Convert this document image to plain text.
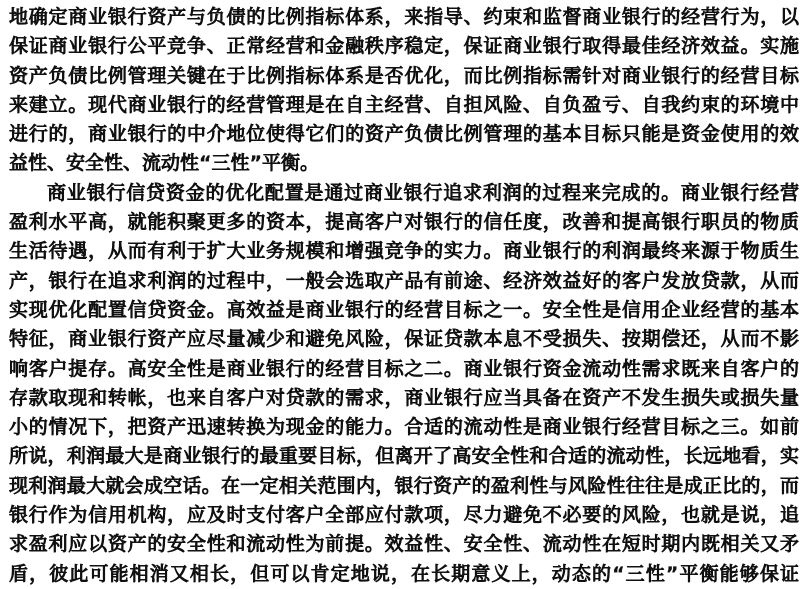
地确定商业银行资产与负债的比例指标体系，来指导、约束和监督商业银行的经营行为，以
保证商业银行公平竞争、正常经营和金融秩序稳定，保证商业银行取得最佳经济效益。实施
资产负债比例管理关键在于比例指标体系是否优化，而比例指标需针对商业银行的经营目标
来建立。现代商业银行的经营管理是在自主经营、自担风险、自负盈亏、自我约束的环境中
进行的，商业银行的中介地位使得它们的资产负债比例管理的基本目标只能是资金使用的效
益性、安全性、流动性“三性”平衡。
商业银行信贷资金的优化配置是通过商业银行追求利润的过程来完成的。商业银行经营
盈利水平高，就能积聚更多的资本，提高客户对银行的信任度，改善和提高银行职员的物质
生活待遇，从而有利于扩大业务规模和增强竞争的实力。商业银行的利润最终来源于物质生
产，银行在追求利润的过程中，一般会选取产品有前途、经济效益好的客户发放贷款，从而
实现优化配置信贷资金。高效益是商业银行的经营目标之一。安全性是信用企业经营的基本
特征，商业银行资产应尽量减少和避免风险，保证贷款本息不受损失、按期偿还，从而不影
响客户提存。高安全性是商业银行的经营目标之二。商业银行资金流动性需求既来自客户的
存款取现和转帐，也来自客户对贷款的需求，商业银行应当具备在资产不发生损失或损失量
小的情况下，把资产迅速转换为现金的能力。合适的流动性是商业银行经营目标之三。如前
所说，利润最大是商业银行的最重要目标，但离开了高安全性和合适的流动性，长远地看，实
现利润最大就会成空话。在一定相关范围内，银行资产的盈利性与风险性往往是成正比的，而
银行作为信用机构，应及时支付客户全部应付款项，尽力避免不必要的风险，也就是说，追
求盈利应以资产的安全性和流动性为前提。效益性、安全性、流动性在短时期内既相关又矛
盾，彼此可能相消又相长，但可以肯定地说，在长期意义上，动态的“三性”平衡能够保证
